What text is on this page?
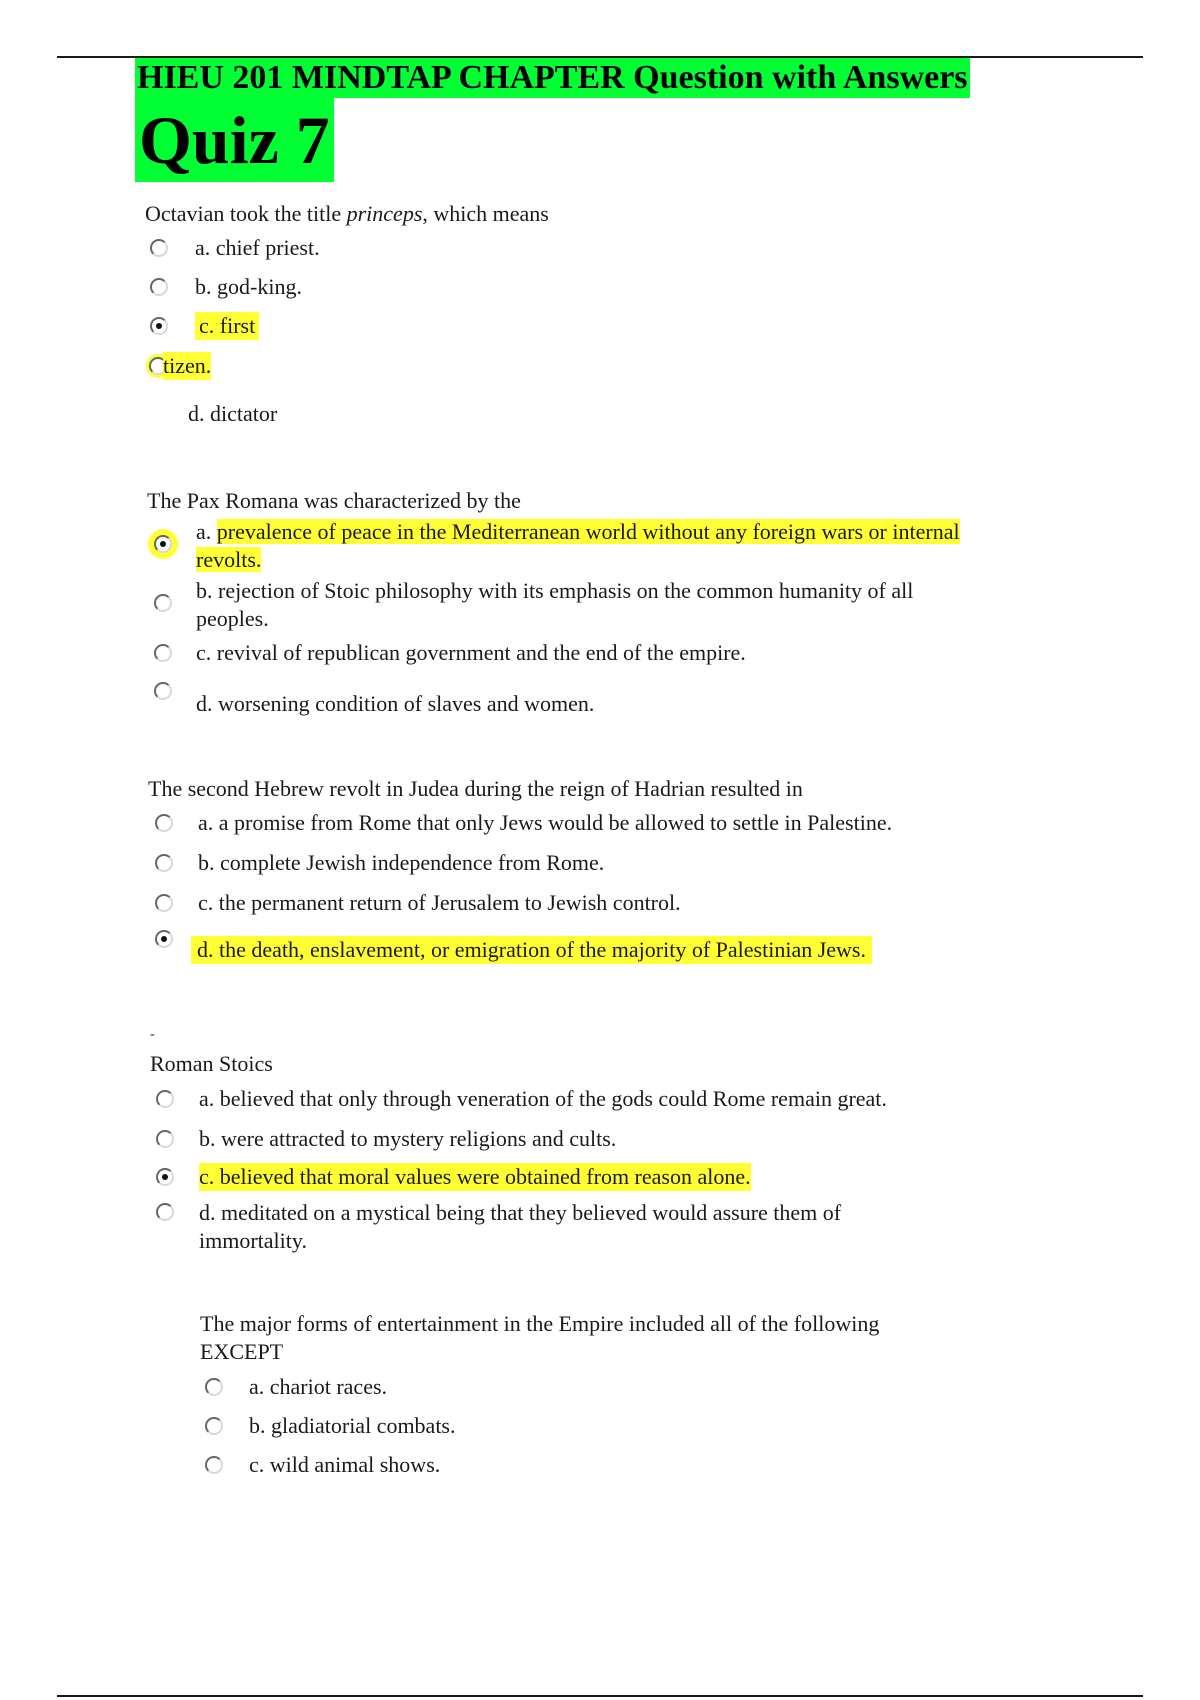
HIEU 201 MINDTAP CHAPTER Question with Answers
Quiz 7
Octavian took the title princeps, which means
a. chief priest.
b. god-king.
c. first
tizen.
d. dictator
The Pax Romana was characterized by the
a. prevalence of peace in the Mediterranean world without any foreign wars or internal
revolts.
b. rejection of Stoic philosophy with its emphasis on the common humanity of all
peoples.
c. revival of republican government and the end of the empire.
d. worsening condition of slaves and women.
The second Hebrew revolt in Judea during the reign of Hadrian resulted in
a. a promise from Rome that only Jews would be allowed to settle in Palestine.
b. complete Jewish independence from Rome.
c. the permanent return of Jerusalem to Jewish control.
d. the death, enslavement, or emigration of the majority of Palestinian Jews.
-
Roman Stoics
a. believed that only through veneration of the gods could Rome remain great.
b. were attracted to mystery religions and cults.
c. believed that moral values were obtained from reason alone.
d. meditated on a mystical being that they believed would assure them of
immortality.
The major forms of entertainment in the Empire included all of the following
EXCEPT
a. chariot races.
b. gladiatorial combats.
c. wild animal shows.
